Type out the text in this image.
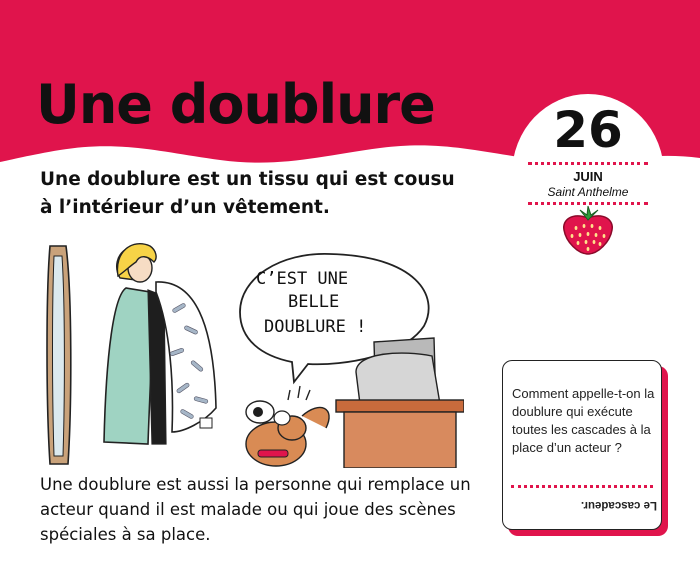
Une doublure
Une doublure est un tissu qui est cousu à l’intérieur d’un vêtement.
26
JUIN
Saint Anthelme
C’EST UNE
BELLE
DOUBLURE !
Une doublure est aussi la personne qui remplace un acteur quand il est malade ou qui joue des scènes spéciales à sa place.
Comment appelle-t-on la doublure qui exécute toutes les cascades à la place d’un acteur ?
Le cascadeur.
